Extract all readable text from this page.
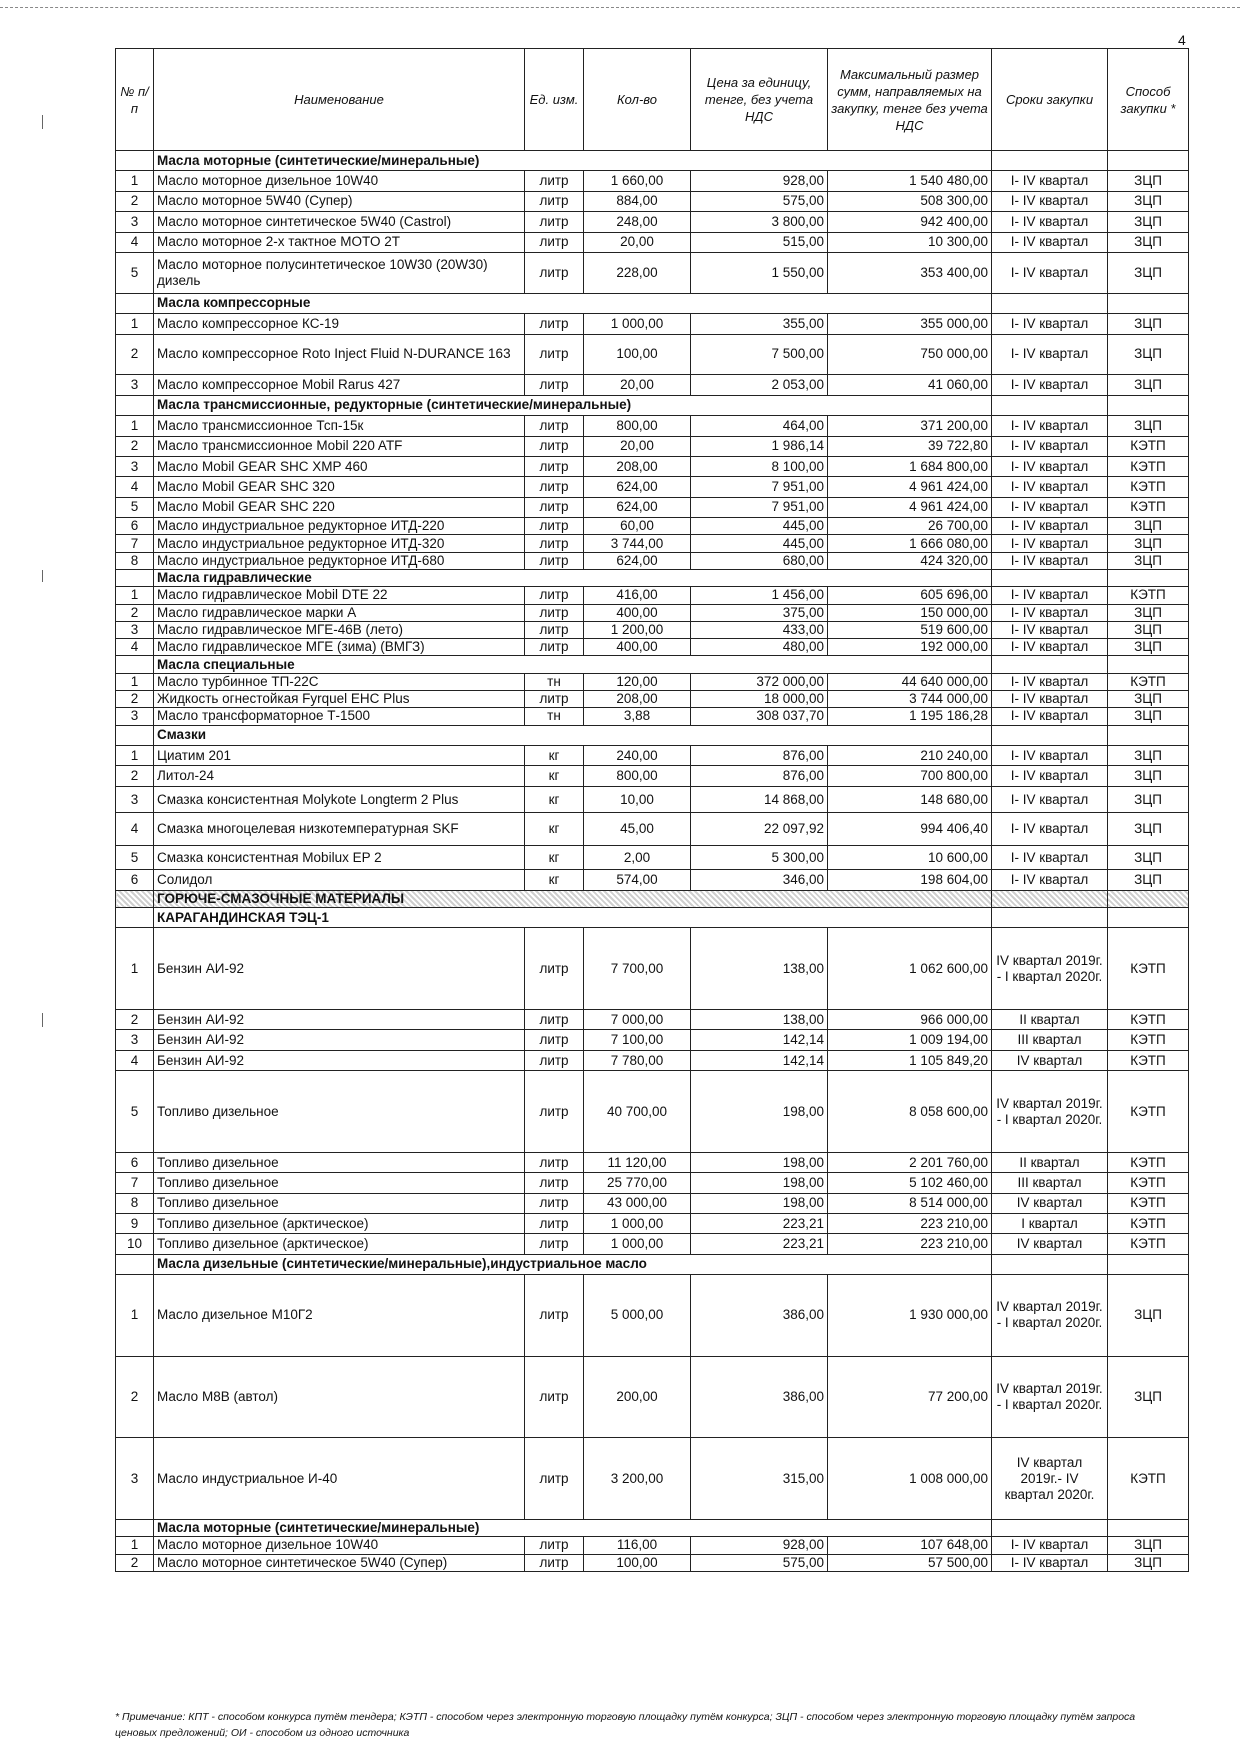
4
№ п/п	Наименование	Ед. изм.	Кол-во	Цена за единицу, тенге, без учета НДС	Максимальный размер сумм, направляемых на закупку, тенге без учета НДС	Сроки закупки	Способ закупки *
	Масла моторные (синтетические/минеральные)						
1	Масло моторное дизельное 10W40	литр	1 660,00	928,00	1 540 480,00	I- IV квартал	ЗЦП
2	Масло моторное 5W40 (Супер)	литр	884,00	575,00	508 300,00	I- IV квартал	ЗЦП
3	Масло моторное синтетическое 5W40 (Castrol)	литр	248,00	3 800,00	942 400,00	I- IV квартал	ЗЦП
4	Масло моторное 2-х тактное MOTO 2T	литр	20,00	515,00	10 300,00	I- IV квартал	ЗЦП
5	Масло моторное полусинтетическое 10W30 (20W30) дизель	литр	228,00	1 550,00	353 400,00	I- IV квартал	ЗЦП
	Масла компрессорные						
1	Масло компрессорное КС-19	литр	1 000,00	355,00	355 000,00	I- IV квартал	ЗЦП
2	Масло компрессорное Roto Inject Fluid N-DURANCE 163	литр	100,00	7 500,00	750 000,00	I- IV квартал	ЗЦП
3	Масло компрессорное Mobil Rarus 427	литр	20,00	2 053,00	41 060,00	I- IV квартал	ЗЦП
	Масла трансмиссионные, редукторные (синтетические/минеральные)						
1	Масло трансмиссионное Тсп-15к	литр	800,00	464,00	371 200,00	I- IV квартал	ЗЦП
2	Масло трансмиссионное Mobil 220 ATF	литр	20,00	1 986,14	39 722,80	I- IV квартал	КЭТП
3	Масло Mobil GEAR SHC XMP 460	литр	208,00	8 100,00	1 684 800,00	I- IV квартал	КЭТП
4	Масло Mobil GEAR SHC 320	литр	624,00	7 951,00	4 961 424,00	I- IV квартал	КЭТП
5	Масло Mobil GEAR SHC 220	литр	624,00	7 951,00	4 961 424,00	I- IV квартал	КЭТП
6	Масло индустриальное редукторное ИТД-220	литр	60,00	445,00	26 700,00	I- IV квартал	ЗЦП
7	Масло индустриальное редукторное ИТД-320	литр	3 744,00	445,00	1 666 080,00	I- IV квартал	ЗЦП
8	Масло индустриальное редукторное ИТД-680	литр	624,00	680,00	424 320,00	I- IV квартал	ЗЦП
	Масла гидравлические						
1	Масло гидравлическое Mobil DTE 22	литр	416,00	1 456,00	605 696,00	I- IV квартал	КЭТП
2	Масло гидравлическое марки А	литр	400,00	375,00	150 000,00	I- IV квартал	ЗЦП
3	Масло гидравлическое МГЕ-46В (лето)	литр	1 200,00	433,00	519 600,00	I- IV квартал	ЗЦП
4	Масло гидравлическое МГЕ (зима) (ВМГЗ)	литр	400,00	480,00	192 000,00	I- IV квартал	ЗЦП
	Масла специальные						
1	Масло турбинное ТП-22С	тн	120,00	372 000,00	44 640 000,00	I- IV квартал	КЭТП
2	Жидкость огнестойкая Fyrquel EHC Plus	литр	208,00	18 000,00	3 744 000,00	I- IV квартал	ЗЦП
3	Масло трансформаторное Т-1500	тн	3,88	308 037,70	1 195 186,28	I- IV квартал	ЗЦП
	Смазки						
1	Циатим 201	кг	240,00	876,00	210 240,00	I- IV квартал	ЗЦП
2	Литол-24	кг	800,00	876,00	700 800,00	I- IV квартал	ЗЦП
3	Смазка консистентная Molykote Longterm 2 Plus	кг	10,00	14 868,00	148 680,00	I- IV квартал	ЗЦП
4	Смазка многоцелевая низкотемпературная SKF	кг	45,00	22 097,92	994 406,40	I- IV квартал	ЗЦП
5	Смазка консистентная Mobilux EP 2	кг	2,00	5 300,00	10 600,00	I- IV квартал	ЗЦП
6	Солидол	кг	574,00	346,00	198 604,00	I- IV квартал	ЗЦП
	ГОРЮЧЕ-СМАЗОЧНЫЕ МАТЕРИАЛЫ						
	КАРАГАНДИНСКАЯ ТЭЦ-1						
1	Бензин АИ-92	литр	7 700,00	138,00	1 062 600,00	IV квартал 2019г. - I квартал 2020г.	КЭТП
2	Бензин АИ-92	литр	7 000,00	138,00	966 000,00	II квартал	КЭТП
3	Бензин АИ-92	литр	7 100,00	142,14	1 009 194,00	III квартал	КЭТП
4	Бензин АИ-92	литр	7 780,00	142,14	1 105 849,20	IV квартал	КЭТП
5	Топливо дизельное	литр	40 700,00	198,00	8 058 600,00	IV квартал 2019г. - I квартал 2020г.	КЭТП
6	Топливо дизельное	литр	11 120,00	198,00	2 201 760,00	II квартал	КЭТП
7	Топливо дизельное	литр	25 770,00	198,00	5 102 460,00	III квартал	КЭТП
8	Топливо дизельное	литр	43 000,00	198,00	8 514 000,00	IV квартал	КЭТП
9	Топливо дизельное (арктическое)	литр	1 000,00	223,21	223 210,00	I квартал	КЭТП
10	Топливо дизельное (арктическое)	литр	1 000,00	223,21	223 210,00	IV квартал	КЭТП
	Масла дизельные (синтетические/минеральные),индустриальное масло						
1	Масло дизельное М10Г2	литр	5 000,00	386,00	1 930 000,00	IV квартал 2019г. - I квартал 2020г.	ЗЦП
2	Масло М8В (автол)	литр	200,00	386,00	77 200,00	IV квартал 2019г. - I квартал 2020г.	ЗЦП
3	Масло индустриальное И-40	литр	3 200,00	315,00	1 008 000,00	IV квартал 2019г.- IV квартал 2020г.	КЭТП
	Масла моторные (синтетические/минеральные)						
1	Масло моторное дизельное 10W40	литр	116,00	928,00	107 648,00	I- IV квартал	ЗЦП
2	Масло моторное синтетическое 5W40 (Супер)	литр	100,00	575,00	57 500,00	I- IV квартал	ЗЦП
* Примечание: КПТ - способом конкурса путём тендера; КЭТП - способом через электронную торговую площадку путём конкурса; ЗЦП - способом через электронную торговую площадку путём запроса ценовых предложений; ОИ - способом из одного источника
